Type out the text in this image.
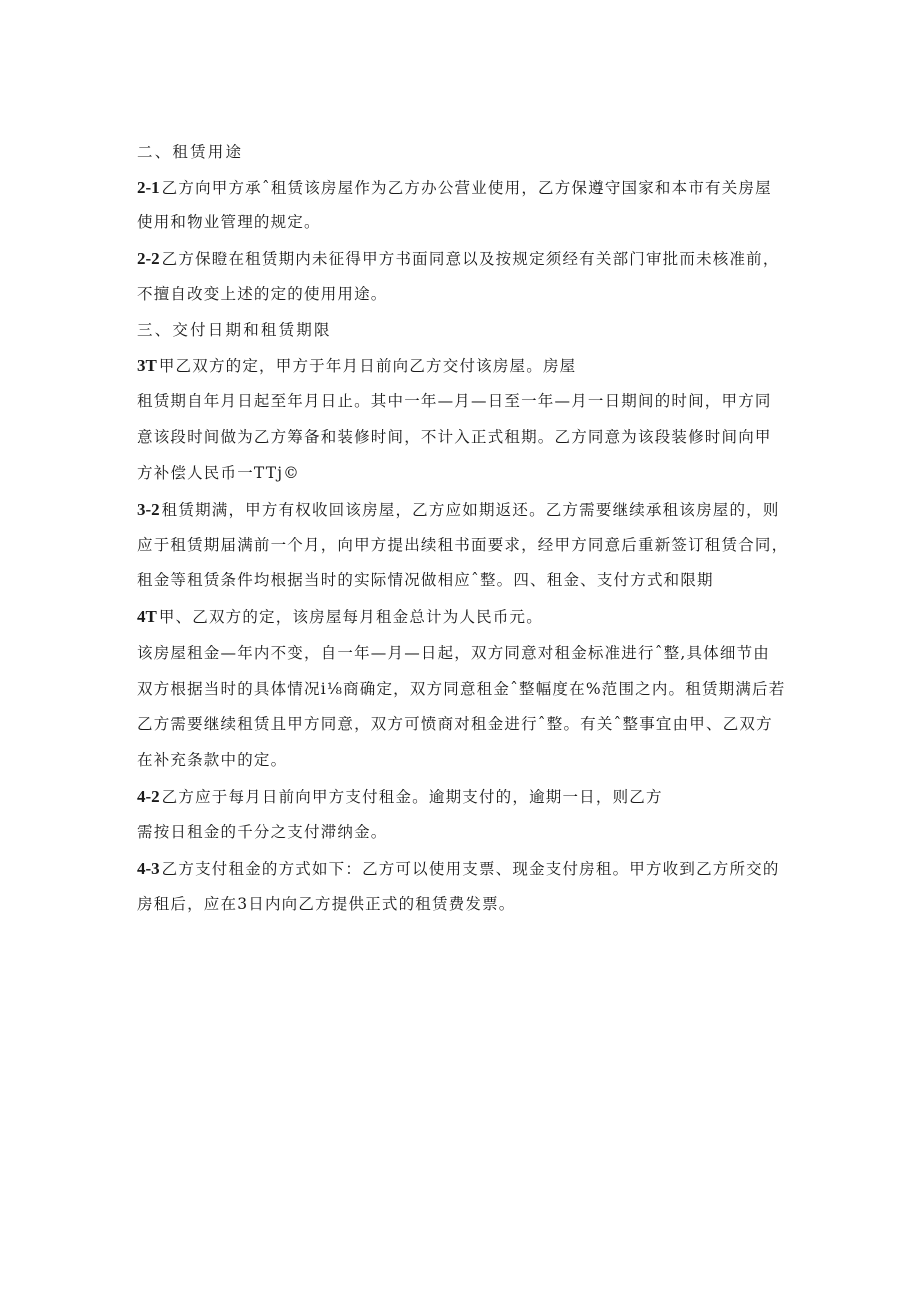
二、租赁用途
2-1 乙方向甲方承ˆ租赁该房屋作为乙方办公营业使用，乙方保遵守国家和本市有关房屋
使用和物业管理的规定。
2-2 乙方保瞪在租赁期内未征得甲方书面同意以及按规定须经有关部门审批而未核准前，
不擅自改变上述的定的使用用途。
三、交付日期和租赁期限
3T 甲乙双方的定，甲方于年月日前向乙方交付该房屋。房屋
租赁期自年月日起至年月日止。其中一年—月—日至一年—月一日期间的时间，甲方同
意该段时间做为乙方筹备和装修时间，不计入正式租期。乙方同意为该段装修时间向甲
方补偿人民币一TTj©
3-2 租赁期满，甲方有权收回该房屋，乙方应如期返还。乙方需要继续承租该房屋的，则
应于租赁期届满前一个月，向甲方提出续租书面要求，经甲方同意后重新签订租赁合同，
租金等租赁条件均根据当时的实际情况做相应ˆ整。四、租金、支付方式和限期
4T 甲、乙双方的定，该房屋每月租金总计为人民币元。
该房屋租金—年内不变，自一年—月—日起，双方同意对租金标准进行ˆ整,具体细节由
双方根据当时的具体情况i⅛商确定，双方同意租金ˆ整幅度在%范围之内。租赁期满后若
乙方需要继续租赁且甲方同意，双方可愤商对租金进行ˆ整。有关ˆ整事宜由甲、乙双方
在补充条款中的定。
4-2 乙方应于每月日前向甲方支付租金。逾期支付的，逾期一日，则乙方
需按日租金的千分之支付滞纳金。
4-3 乙方支付租金的方式如下：乙方可以使用支票、现金支付房租。甲方收到乙方所交的
房租后，应在3日内向乙方提供正式的租赁费发票。
